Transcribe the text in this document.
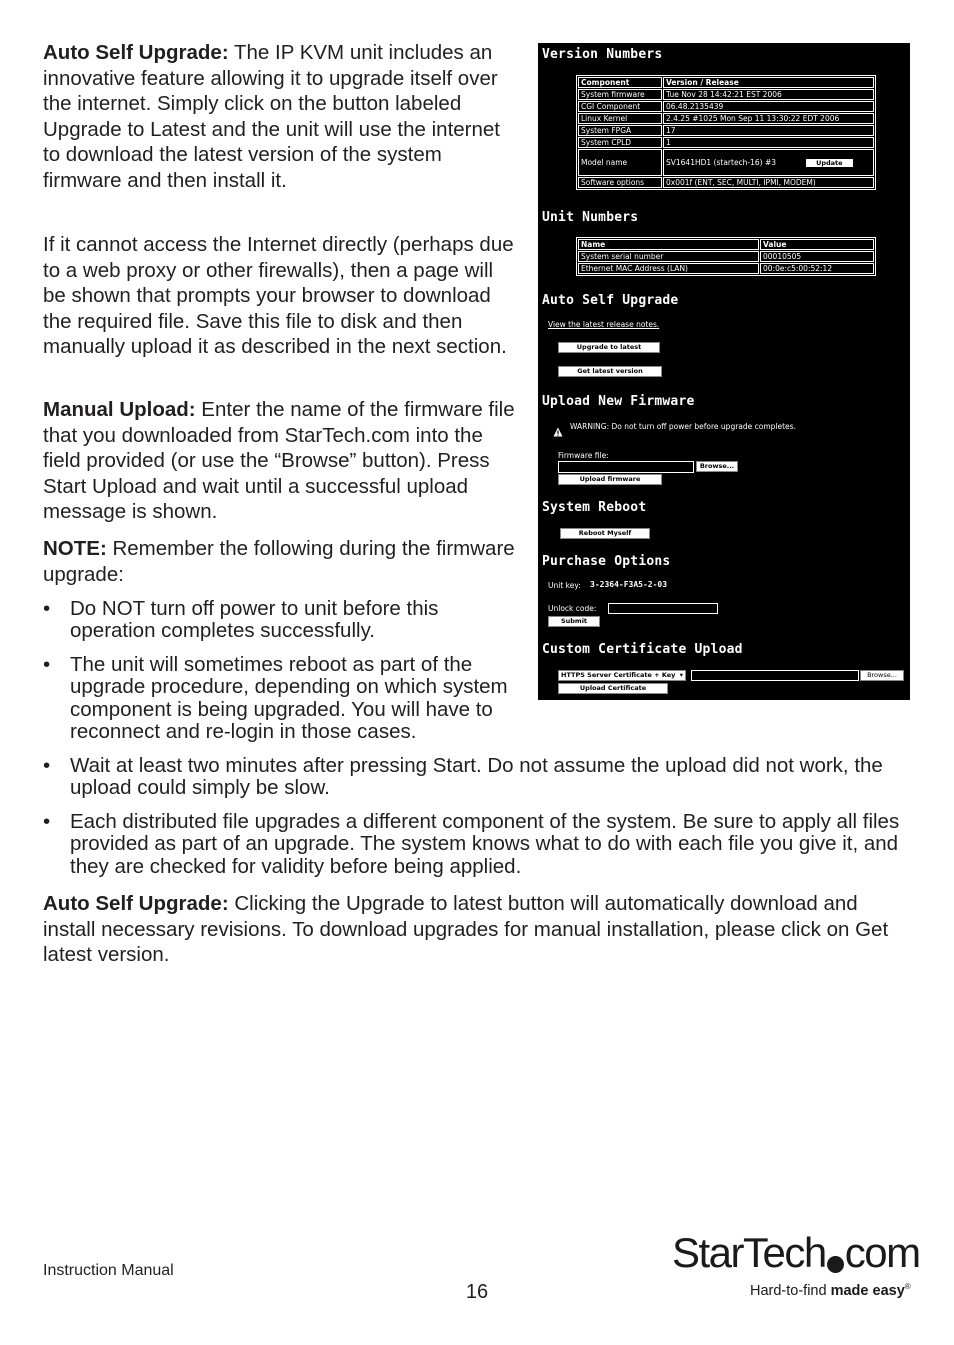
Auto Self Upgrade: The IP KVM unit includes an innovative feature allowing it to upgrade itself over the internet. Simply click on the button labeled Upgrade to Latest and the unit will use the internet to download the latest version of the system firmware and then install it.

If it cannot access the Internet directly (perhaps due to a web proxy or other firewalls), then a page will be shown that prompts your browser to download the required file. Save this file to disk and then manually upload it as described in the next section.

Manual Upload: Enter the name of the firmware file that you downloaded from StarTech.com into the field provided (or use the “Browse” button). Press Start Upload and wait until a successful upload message is shown.

NOTE: Remember the following during the firmware upgrade:

• Do NOT turn off power to unit before this operation completes successfully.
• The unit will sometimes reboot as part of the upgrade procedure, depending on which system component is being upgraded. You will have to reconnect and re-login in those cases.
• Wait at least two minutes after pressing Start. Do not assume the upload did not work, the upload could simply be slow.
• Each distributed file upgrades a different component of the system. Be sure to apply all files provided as part of an upgrade. The system knows what to do with each file you give it, and they are checked for validity before being applied.

Auto Self Upgrade: Clicking the Upgrade to latest button will automatically download and install necessary revisions. To download upgrades for manual installation, please click on Get latest version.

Version Numbers
Component	Version / Release
System firmware	Tue Nov 28 14:42:21 EST 2006
CGI Component	06.48.2135439
Linux Kernel	2.4.25 #1025 Mon Sep 11 13:30:22 EDT 2006
System FPGA	17
System CPLD	1
Model name	SV1641HD1 (startech-16) #3 Update
Software options	0x001f (ENT, SEC, MULTI, IPMI, MODEM)
Unit Numbers
Name	Value
System serial number	00010505
Ethernet MAC Address (LAN)	00:0e:c5:00:52:12
Auto Self Upgrade
View the latest release notes.
Upgrade to latest
Get latest version
Upload New Firmware
WARNING: Do not turn off power before upgrade completes.
Firmware file:
Browse...
Upload firmware
System Reboot
Reboot Myself
Purchase Options
Unit key: 3-2364-F3A5-2-03
Unlock code:
Submit
Custom Certificate Upload
HTTPS Server Certificate + Key ▾	Browse...
Upload Certificate
Instruction Manual
16
StarTech com
Hard-to-find made easy®
